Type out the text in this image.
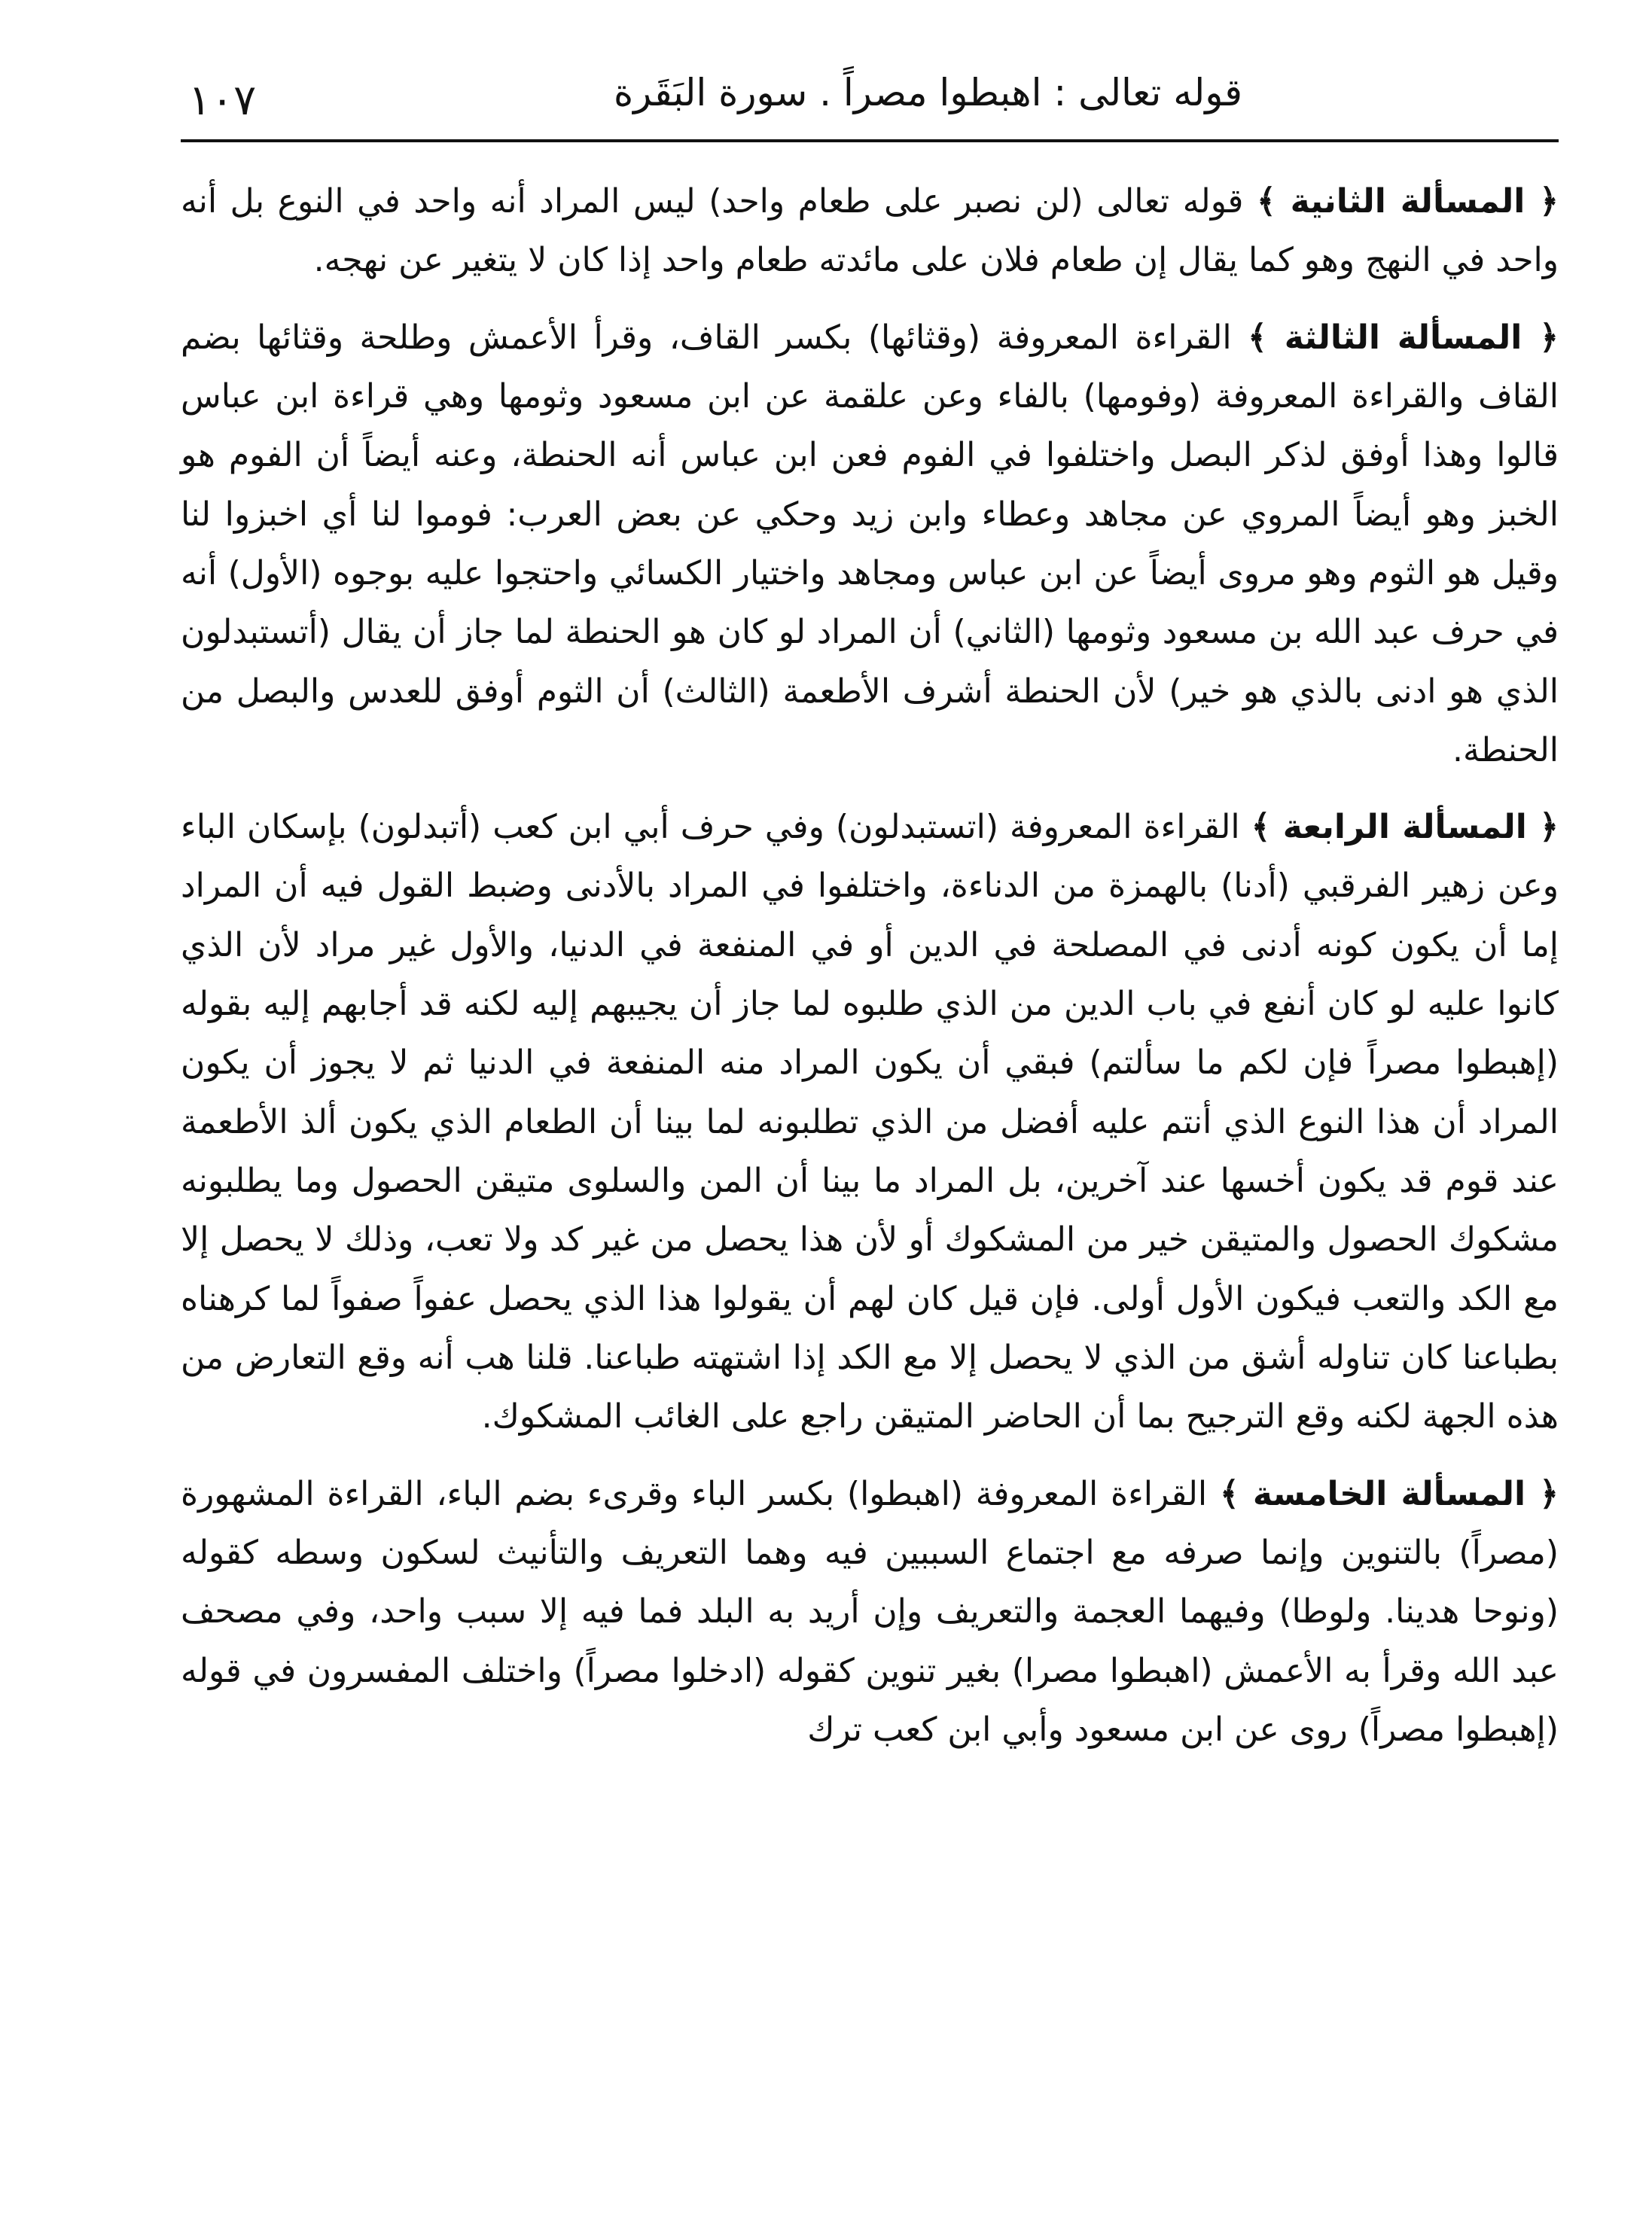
قوله تعالى : اهبطوا مصراً . سورة البَقَرة
١٠٧

﴿ المسألة الثانية ﴾ قوله تعالى (لن نصبر على طعام واحد) ليس المراد أنه واحد في النوع بل أنه واحد في النهج وهو كما يقال إن طعام فلان على مائدته طعام واحد إذا كان لا يتغير عن نهجه.

﴿ المسألة الثالثة ﴾ القراءة المعروفة (وقثائها) بكسر القاف، وقرأ الأعمش وطلحة وقثائها بضم القاف والقراءة المعروفة (وفومها) بالفاء وعن علقمة عن ابن مسعود وثومها وهي قراءة ابن عباس قالوا وهذا أوفق لذكر البصل واختلفوا في الفوم فعن ابن عباس أنه الحنطة، وعنه أيضاً أن الفوم هو الخبز وهو أيضاً المروي عن مجاهد وعطاء وابن زيد وحكي عن بعض العرب: فوموا لنا أي اخبزوا لنا وقيل هو الثوم وهو مروى أيضاً عن ابن عباس ومجاهد واختيار الكسائي واحتجوا عليه بوجوه (الأول) أنه في حرف عبد الله بن مسعود وثومها (الثاني) أن المراد لو كان هو الحنطة لما جاز أن يقال (أتستبدلون الذي هو ادنى بالذي هو خير) لأن الحنطة أشرف الأطعمة (الثالث) أن الثوم أوفق للعدس والبصل من الحنطة.

﴿ المسألة الرابعة ﴾ القراءة المعروفة (اتستبدلون) وفي حرف أبي ابن كعب (أتبدلون) بإسكان الباء وعن زهير الفرقبي (أدنا) بالهمزة من الدناءة، واختلفوا في المراد بالأدنى وضبط القول فيه أن المراد إما أن يكون كونه أدنى في المصلحة في الدين أو في المنفعة في الدنيا، والأول غير مراد لأن الذي كانوا عليه لو كان أنفع في باب الدين من الذي طلبوه لما جاز أن يجيبهم إليه لكنه قد أجابهم إليه بقوله (إهبطوا مصراً فإن لكم ما سألتم) فبقي أن يكون المراد منه المنفعة في الدنيا ثم لا يجوز أن يكون المراد أن هذا النوع الذي أنتم عليه أفضل من الذي تطلبونه لما بينا أن الطعام الذي يكون ألذ الأطعمة عند قوم قد يكون أخسها عند آخرين، بل المراد ما بينا أن المن والسلوى متيقن الحصول وما يطلبونه مشكوك الحصول والمتيقن خير من المشكوك أو لأن هذا يحصل من غير كد ولا تعب، وذلك لا يحصل إلا مع الكد والتعب فيكون الأول أولى. فإن قيل كان لهم أن يقولوا هذا الذي يحصل عفواً صفواً لما كرهناه بطباعنا كان تناوله أشق من الذي لا يحصل إلا مع الكد إذا اشتهته طباعنا. قلنا هب أنه وقع التعارض من هذه الجهة لكنه وقع الترجيح بما أن الحاضر المتيقن راجع على الغائب المشكوك.

﴿ المسألة الخامسة ﴾ القراءة المعروفة (اهبطوا) بكسر الباء وقرىء بضم الباء، القراءة المشهورة (مصراً) بالتنوين وإنما صرفه مع اجتماع السببين فيه وهما التعريف والتأنيث لسكون وسطه كقوله (ونوحا هدينا. ولوطا) وفيهما العجمة والتعريف وإن أريد به البلد فما فيه إلا سبب واحد، وفي مصحف عبد الله وقرأ به الأعمش (اهبطوا مصرا) بغير تنوين كقوله (ادخلوا مصراً) واختلف المفسرون في قوله (إهبطوا مصراً) روى عن ابن مسعود وأبي ابن كعب ترك
